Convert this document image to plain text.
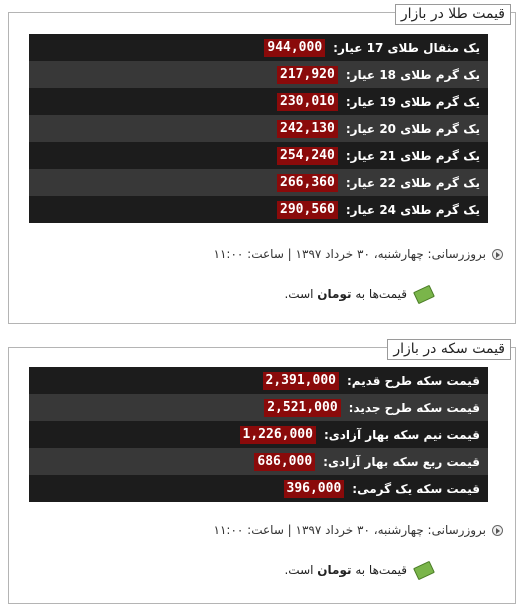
قیمت طلا در بازار
یک مثقال طلای 17 عیار:
944,000
یک گرم طلای 18 عیار:
217,920
یک گرم طلای 19 عیار:
230,010
یک گرم طلای 20 عیار:
242,130
یک گرم طلای 21 عیار:
254,240
یک گرم طلای 22 عیار:
266,360
یک گرم طلای 24 عیار:
290,560
بروزرسانی: چهارشنبه، ۳۰ خرداد ۱۳۹۷ | ساعت: ۱۱:۰۰
قیمت‌ها به

تومان

است.
قیمت سکه در بازار
قیمت سکه طرح قدیم:
2,391,000
قیمت سکه طرح جدید:
2,521,000
قیمت نیم سکه بهار آزادی:
1,226,000
قیمت ربع سکه بهار آزادی:
686,000
قیمت سکه یک گرمی:
396,000
بروزرسانی: چهارشنبه، ۳۰ خرداد ۱۳۹۷ | ساعت: ۱۱:۰۰
قیمت‌ها به

تومان

است.
